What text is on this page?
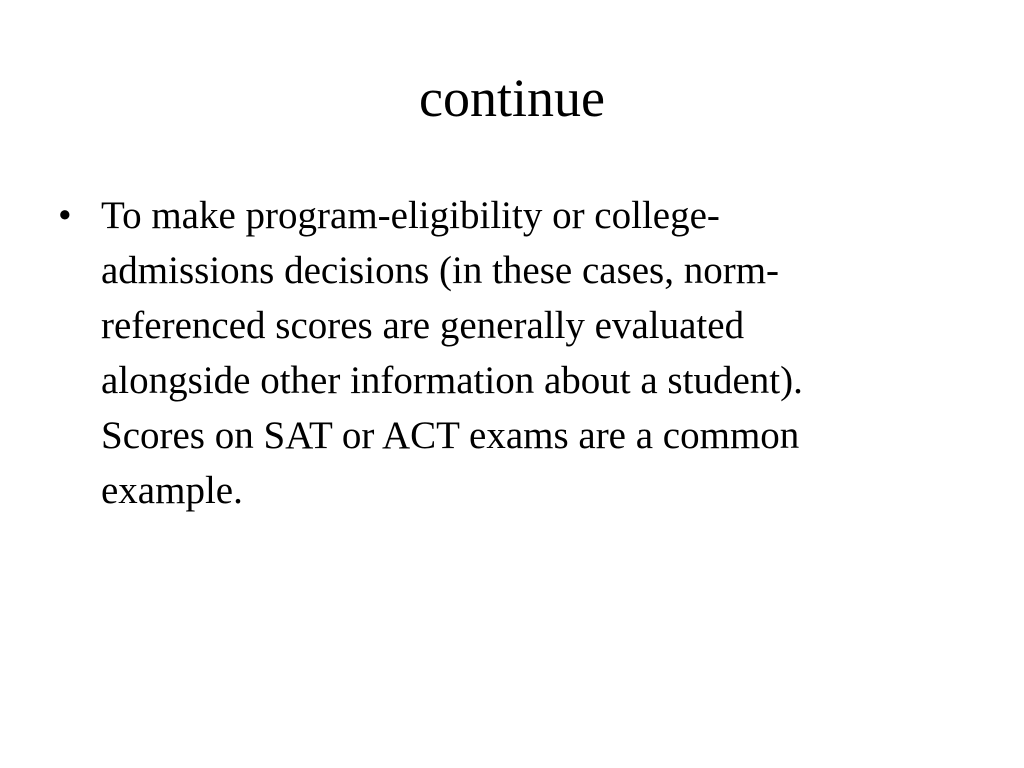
continue
• To make program-eligibility or college-
admissions decisions (in these cases, norm-
referenced scores are generally evaluated
alongside other information about a student).
Scores on SAT or ACT exams are a common
example.
